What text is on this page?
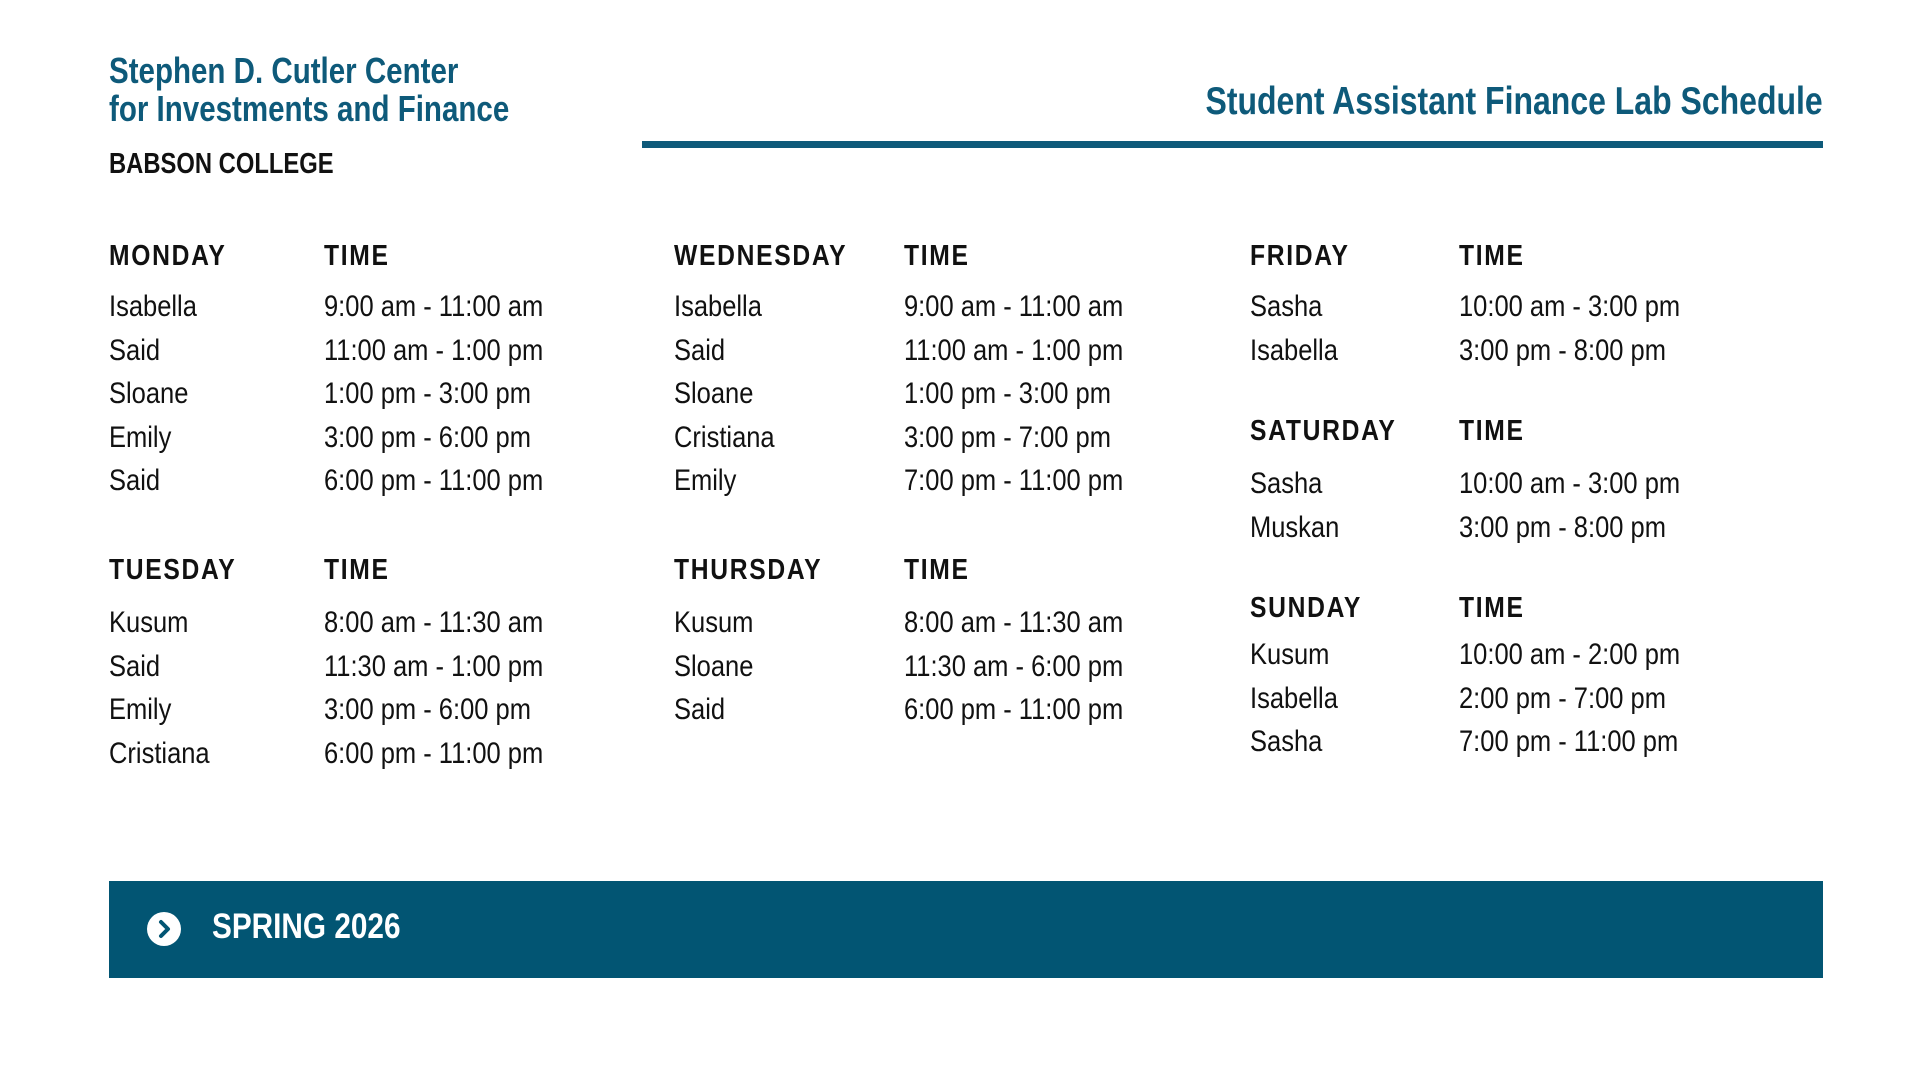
Stephen D. Cutler Center
for Investments and Finance
BABSON COLLEGE
Student Assistant Finance Lab Schedule
MONDAY	TIME
Isabella	9:00 am - 11:00 am
Said	11:00 am - 1:00 pm
Sloane	1:00 pm - 3:00 pm
Emily	3:00 pm - 6:00 pm
Said	6:00 pm - 11:00 pm
TUESDAY	TIME
Kusum	8:00 am - 11:30 am
Said	11:30 am - 1:00 pm
Emily	3:00 pm - 6:00 pm
Cristiana	6:00 pm - 11:00 pm
WEDNESDAY TIME
Isabella	9:00 am - 11:00 am
Said	11:00 am - 1:00 pm
Sloane	1:00 pm - 3:00 pm
Cristiana	3:00 pm - 7:00 pm
Emily	7:00 pm - 11:00 pm
THURSDAY	TIME
Kusum	8:00 am - 11:30 am
Sloane	11:30 am - 6:00 pm
Said	6:00 pm - 11:00 pm
FRIDAY	TIME
Sasha	10:00 am - 3:00 pm
Isabella	3:00 pm - 8:00 pm
SATURDAY TIME
Sasha	10:00 am - 3:00 pm
Muskan	3:00 pm - 8:00 pm
SUNDAY	TIME
Kusum	10:00 am - 2:00 pm
Isabella	2:00 pm - 7:00 pm
Sasha	7:00 pm - 11:00 pm
SPRING 2026
